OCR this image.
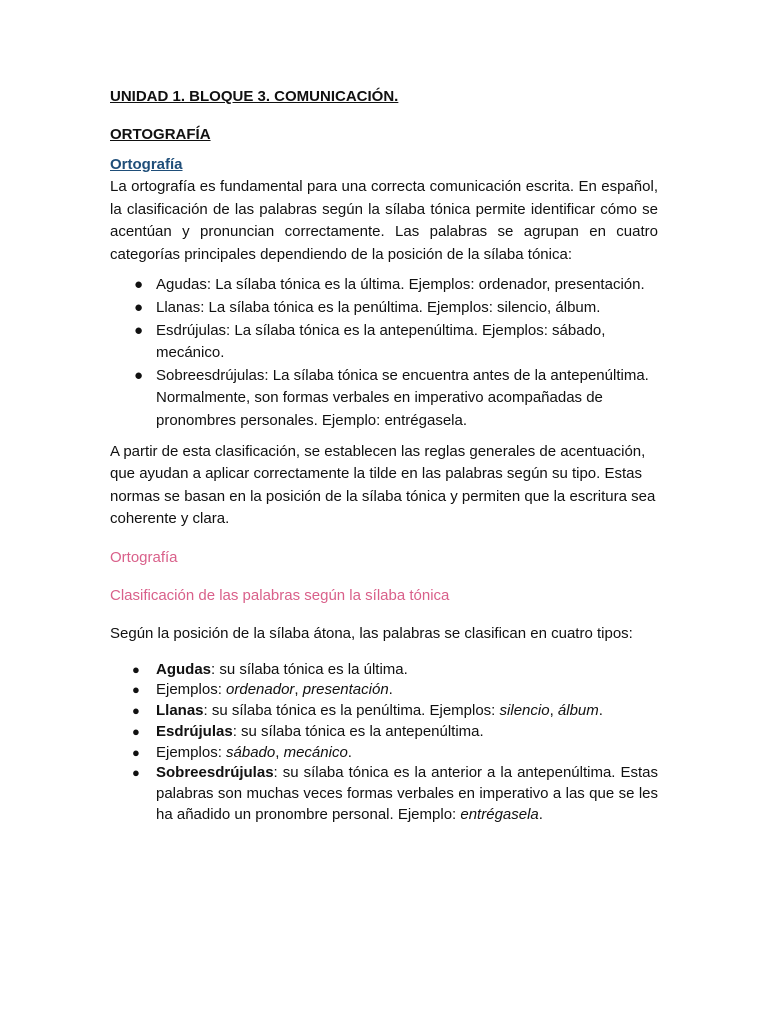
UNIDAD 1. BLOQUE 3. COMUNICACIÓN.

ORTOGRAFÍA

Ortografía

La ortografía es fundamental para una correcta comunicación escrita. En español, la clasificación de las palabras según la sílaba tónica permite identificar cómo se acentúan y pronuncian correctamente. Las palabras se agrupan en cuatro categorías principales dependiendo de la posición de la sílaba tónica:

● Agudas: La sílaba tónica es la última. Ejemplos: ordenador, presentación.
● Llanas: La sílaba tónica es la penúltima. Ejemplos: silencio, álbum.
● Esdrújulas: La sílaba tónica es la antepenúltima. Ejemplos: sábado, mecánico.
● Sobreesdrújulas: La sílaba tónica se encuentra antes de la antepenúltima. Normalmente, son formas verbales en imperativo acompañadas de pronombres personales. Ejemplo: entrégasela.

A partir de esta clasificación, se establecen las reglas generales de acentuación, que ayudan a aplicar correctamente la tilde en las palabras según su tipo. Estas normas se basan en la posición de la sílaba tónica y permiten que la escritura sea coherente y clara.

Ortografía

Clasificación de las palabras según la sílaba tónica

Según la posición de la sílaba átona, las palabras se clasifican en cuatro tipos:

● Agudas: su sílaba tónica es la última.
● Ejemplos: ordenador, presentación.
● Llanas: su sílaba tónica es la penúltima. Ejemplos: silencio, álbum.
● Esdrújulas: su sílaba tónica es la antepenúltima.
● Ejemplos: sábado, mecánico.
● Sobreesdrújulas: su sílaba tónica es la anterior a la antepenúltima. Estas palabras son muchas veces formas verbales en imperativo a las que se les ha añadido un pronombre personal. Ejemplo: entrégasela.
